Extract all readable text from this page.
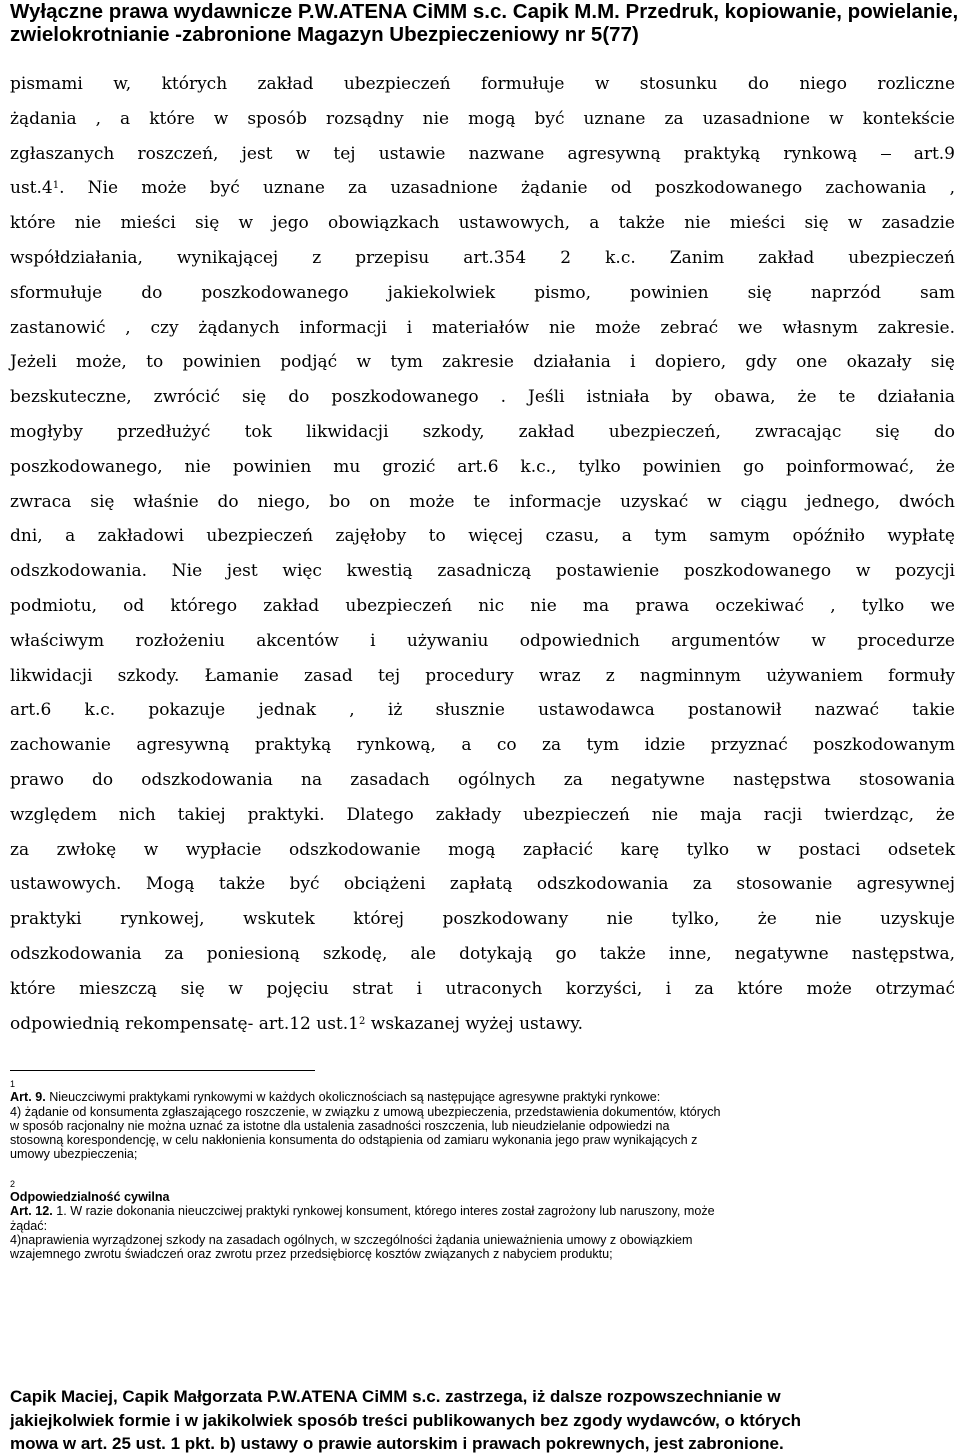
Wyłączne prawa wydawnicze P.W.ATENA CiMM s.c. Capik M.M. Przedruk, kopiowanie, powielanie,
zwielokrotnianie -zabronione Magazyn Ubezpieczeniowy nr 5(77)
pismami w, których zakład ubezpieczeń formułuje w stosunku do niego rozliczne
żądania , a które w sposób rozsądny nie mogą być uznane za uzasadnione w kontekście
zgłaszanych roszczeń, jest w tej ustawie nazwane agresywną praktyką rynkową	art.9
ust.4$^1$. Nie może być uznane za uzasadnione żądanie od poszkodowanego zachowania ,
które nie mieści się w jego obowiązkach ustawowych, a także nie mieści się w zasadzie
współdziałania, wynikającej z przepisu art.354 2 k.c. Zanim zakład ubezpieczeń
sformułuje do poszkodowanego jakiekolwiek pismo, powinien się naprzód sam
zastanowić , czy żądanych informacji i materiałów nie może zebrać we własnym zakresie.
Jeżeli może, to powinien podjąć w tym zakresie działania i dopiero, gdy one okazały się
bezskuteczne, zwrócić się do poszkodowanego . Jeśli istniała by obawa, że te działania
mogłyby przedłużyć tok likwidacji szkody, zakład ubezpieczeń, zwracając się do
poszkodowanego, nie powinien mu grozić art.6 k.c., tylko powinien go poinformować, że
zwraca się właśnie do niego, bo on może te informacje uzyskać w ciągu jednego, dwóch
dni, a zakładowi ubezpieczeń zajęłoby to więcej czasu, a tym samym opóźniło wypłatę
odszkodowania. Nie jest więc kwestią zasadniczą postawienie poszkodowanego w pozycji
podmiotu, od którego zakład ubezpieczeń nic nie ma prawa oczekiwać , tylko we
właściwym rozłożeniu akcentów i używaniu odpowiednich argumentów w procedurze
likwidacji szkody. Łamanie zasad tej procedury wraz z nagminnym używaniem formuły
art.6 k.c. pokazuje jednak , iż słusznie ustawodawca postanowił nazwać takie
zachowanie agresywną praktyką rynkową, a co za tym idzie przyznać poszkodowanym
prawo do odszkodowania na zasadach ogólnych za negatywne następstwa stosowania
względem nich takiej praktyki. Dlatego zakłady ubezpieczeń nie maja racji twierdząc, że
za zwłokę w wypłacie odszkodowanie mogą zapłacić karę tylko w postaci odsetek
ustawowych. Mogą także być obciążeni zapłatą odszkodowania za stosowanie agresywnej
praktyki rynkowej, wskutek której poszkodowany nie tylko, że nie uzyskuje
odszkodowania za poniesioną szkodę, ale dotykają go także inne, negatywne następstwa,
które mieszczą się w pojęciu strat i utraconych korzyści, i za które może otrzymać
odpowiednią rekompensatę- art.12 ust.1$^2$ wskazanej wyżej ustawy.
$^1$
Art. 9. Nieuczciwymi praktykami rynkowymi w każdych okolicznościach są następujące agresywne praktyki rynkowe:
4) żądanie od konsumenta zgłaszającego roszczenie, w związku z umową ubezpieczenia, przedstawienia dokumentów, których
w sposób racjonalny nie można uznać za istotne dla ustalenia zasadności roszczenia, lub nieudzielanie odpowiedzi na
stosowną korespondencję, w celu nakłonienia konsumenta do odstąpienia od zamiaru wykonania jego praw wynikających z
umowy ubezpieczenia;
$^2$
Odpowiedzialność cywilna
Art. 12. 1. W razie dokonania nieuczciwej praktyki rynkowej konsument, którego interes został zagrożony lub naruszony, może
żądać:
4)naprawienia wyrządzonej szkody na zasadach ogólnych, w szczególności żądania unieważnienia umowy z obowiązkiem
wzajemnego zwrotu świadczeń oraz zwrotu przez przedsiębiorcę kosztów związanych z nabyciem produktu;
Capik Maciej, Capik Małgorzata P.W.ATENA CiMM s.c. zastrzega, iż dalsze rozpowszechnianie w
jakiejkolwiek formie i w jakikolwiek sposób treści publikowanych bez zgody wydawców, o których
mowa w art. 25 ust. 1 pkt. b) ustawy o prawie autorskim i prawach pokrewnych, jest zabronione.
